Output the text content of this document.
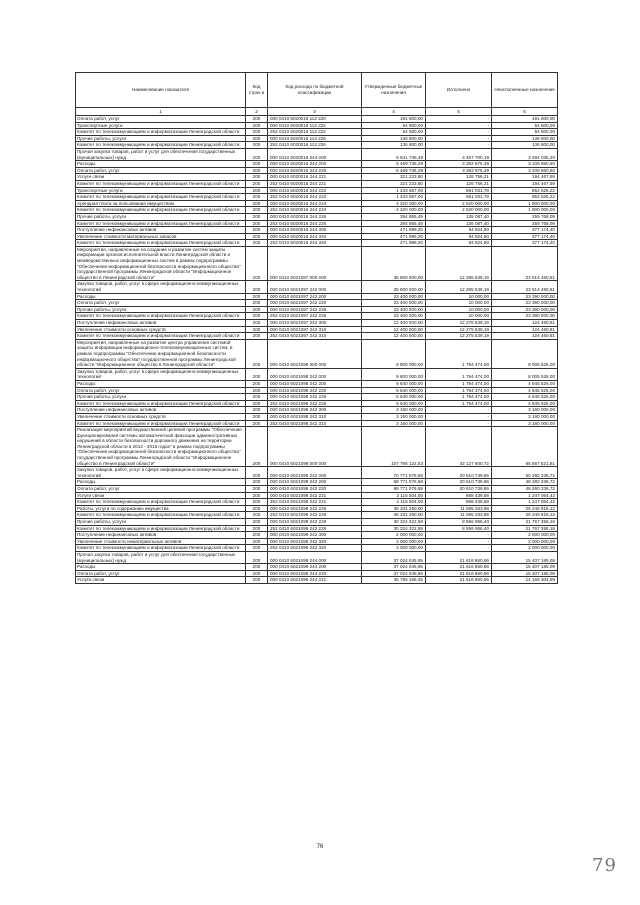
Наименование показателя	Код строк и	Код расхода по бюджетной классификации	Утвержденные бюджетные назначения	Исполнено	Неисполненные назначения
1	2	3	4	5	6
Оплата работ, услуг	200	000 0410 6020016 112 220	191 600,00	-	191 600,00
Транспортные услуги	200	000 0410 6020016 112 222	54 800,00	-	54 800,00
Комитет по телекоммуникациям и информатизации Ленинградской области	200	252 0410 6020016 112 222	54 800,00	-	54 800,00
Прочие работы, услуги	200	000 0410 6020016 112 226	136 800,00	-	136 800,00
Комитет по телекоммуникациям и информатизации Ленинградской области	200	252 0410 6020016 112 226	136 800,00	-	136 800,00
Прочая закупка товаров, работ и услуг для обеспечения государственных (муниципальных) нужд	200	000 0410 6020016 244 000	6 941 735,49	3 457 700,19	3 484 035,30
Расходы	200	000 0410 6020016 244 200	6 469 736,29	3 362 875,39	3 106 860,90
Оплата работ, услуг	200	000 0410 6020016 244 220	6 469 736,29	3 362 875,39	3 106 860,90
Услуги связи	200	000 0410 6020016 244 221	321 223,80	126 756,21	194 467,59
Комитет по телекоммуникациям и информатизации Ленинградской области	200	252 0410 6020016 244 221	321 223,80	126 756,21	194 467,59
Транспортные услуги	200	000 0410 6020016 244 222	1 433 657,00	581 031,78	852 625,22
Комитет по телекоммуникациям и информатизации Ленинградской области	200	252 0410 6020016 244 222	1 433 657,00	581 031,78	852 625,22
Арендная плата за пользование имуществом	200	000 0410 6020016 244 224	4 320 000,00	2 520 000,00	1 800 000,00
Комитет по телекоммуникациям и информатизации Ленинградской области	200	252 0410 6020016 244 224	4 320 000,00	2 520 000,00	1 800 000,00
Прочие работы, услуги	200	000 0410 6020016 244 226	394 855,49	135 087,40	259 768,09
Комитет по телекоммуникациям и информатизации Ленинградской области	200	252 0410 6020016 244 226	394 855,49	135 087,40	259 768,09
Поступление нефинансовых активов	200	000 0410 6020016 244 300	471 999,20	94 824,80	377 174,40
Увеличение стоимости материальных запасов	200	000 0410 6020016 244 340	471 999,20	94 824,80	377 174,40
Комитет по телекоммуникациям и информатизации Ленинградской области	200	252 0410 6020016 244 340	471 999,20	94 824,80	377 174,40
Мероприятия, направленные на создание и развитие систем защиты информации органов исполнительной власти Ленинградской области и межведомственных информационных систем в рамках подпрограммы "Обеспечение информационной безопасности информационного общества" государственной программы Ленинградской области "Информационное общество в Ленинградской области"	200	000 0410 6021097 000 000	35 800 000,00	12 285 539,19	23 514 460,81
Закупка товаров, работ, услуг в сфере информационно-коммуникационных технологий	200	000 0410 6021097 242 000	35 800 000,00	12 285 539,19	23 514 460,81
Расходы	200	000 0410 6021097 242 200	23 400 000,00	10 000,00	23 390 000,00
Оплата работ, услуг	200	000 0410 6021097 242 220	23 400 000,00	10 000,00	23 390 000,00
Прочие работы, услуги	200	000 0410 6021097 242 226	23 400 000,00	10 000,00	23 390 000,00
Комитет по телекоммуникациям и информатизации Ленинградской области	200	252 0410 6021097 242 226	23 400 000,00	10 000,00	23 390 000,00
Поступление нефинансовых активов	200	000 0410 6021097 242 300	12 400 000,00	12 275 539,19	124 460,81
Увеличение стоимости основных средств	200	000 0410 6021097 242 310	12 400 000,00	12 275 539,19	124 460,81
Комитет по телекоммуникациям и информатизации Ленинградской области	200	252 0410 6021097 242 310	12 400 000,00	12 275 539,19	124 460,81
Мероприятия, направленные на развитие центра управления системой защиты информации информационно-телекоммуникационных систем, в рамках подпрограммы "Обеспечение информационной безопасности информационного общества" государственной программы Ленинградской области "Информационное общество в Ленинградской области"	200	000 0410 6021098 000 000	9 800 000,00	1 794 474,00	8 005 526,00
Закупка товаров, работ, услуг в сфере информационно-коммуникационных технологий	200	000 0410 6021098 242 000	9 800 000,00	1 794 474,00	8 005 526,00
Расходы	200	000 0410 6021098 242 200	6 640 000,00	1 794 474,00	4 845 526,00
Оплата работ, услуг	200	000 0410 6021098 242 220	6 640 000,00	1 794 474,00	4 845 526,00
Прочие работы, услуги	200	000 0410 6021098 242 226	6 640 000,00	1 794 474,00	4 845 526,00
Комитет по телекоммуникациям и информатизации Ленинградской области	200	252 0410 6021098 242 226	6 640 000,00	1 794 474,00	4 845 526,00
Поступление нефинансовых активов	200	000 0410 6021098 242 300	3 160 000,00	-	3 160 000,00
Увеличение стоимости основных средств	200	000 0410 6021098 242 310	3 160 000,00	-	3 160 000,00
Комитет по телекоммуникациям и информатизации Ленинградской области	200	252 0410 6021098 242 310	3 160 000,00	-	3 160 000,00
Реализация мероприятий ведомственной целевой программы "Обеспечение функционирования системы автоматической фиксации административных нарушений в области безопасности дорожного движения на территории Ленинградской области в 2014 - 2016 годах" в рамках подпрограммы "Обеспечение информационной безопасности информационного общества" государственной программы Ленинградской области "Информационное общество в Ленинградской области"	200	000 0410 6021099 000 000	107 795 122,53	42 127 600,72	65 667 521,81
Закупка товаров, работ, услуг в сфере информационно-коммуникационных технологий	200	000 0410 6021099 242 000	70 771 076,58	20 510 739,86	50 260 336,72
Расходы	200	000 0410 6021099 242 200	68 771 076,58	20 510 739,86	48 260 336,72
Оплата работ, услуг	200	000 0410 6021099 242 220	68 771 076,58	20 510 739,86	48 260 336,72
Услуги связи	200	000 0410 6021099 242 221	2 115 504,00	868 439,58	1 247 064,42
Комитет по телекоммуникациям и информатизации Ленинградской области	200	252 0410 6021099 242 221	2 115 504,00	868 439,58	1 247 064,42
Работы, услуги по содержанию имущества	200	000 0410 6021099 242 225	36 331 250,00	11 085 333,88	25 245 916,12
Комитет по телекоммуникациям и информатизации Ленинградской области	200	252 0410 6021099 242 225	36 331 250,00	11 085 333,88	25 245 916,12
Прочие работы, услуги	200	000 0410 6021099 242 226	30 324 322,58	8 556 966,40	21 767 356,18
Комитет по телекоммуникациям и информатизации Ленинградской области	200	252 0410 6021099 242 226	30 324 322,58	8 556 966,40	21 767 356,18
Поступление нефинансовых активов	200	000 0410 6021099 242 300	2 000 000,00	-	2 000 000,00
Увеличение стоимости нематериальных активов	200	000 0410 6021099 242 320	2 000 000,00	-	2 000 000,00
Комитет по телекоммуникациям и информатизации Ленинградской области	200	252 0410 6021099 242 320	2 000 000,00	-	2 000 000,00
Прочая закупка товаров, работ и услуг для обеспечения государственных (муниципальных) нужд	200	000 0410 6021099 244 000	37 024 045,95	21 616 860,86	15 407 185,09
Расходы	200	000 0410 6021099 244 200	37 024 045,95	21 616 860,86	15 407 185,09
Оплата работ, услуг	200	000 0410 6021099 244 220	37 024 045,95	21 616 860,86	15 407 185,09
Услуги связи	200	000 0410 6021099 244 221	35 785 165,45	21 616 860,86	14 168 304,59
76
79
